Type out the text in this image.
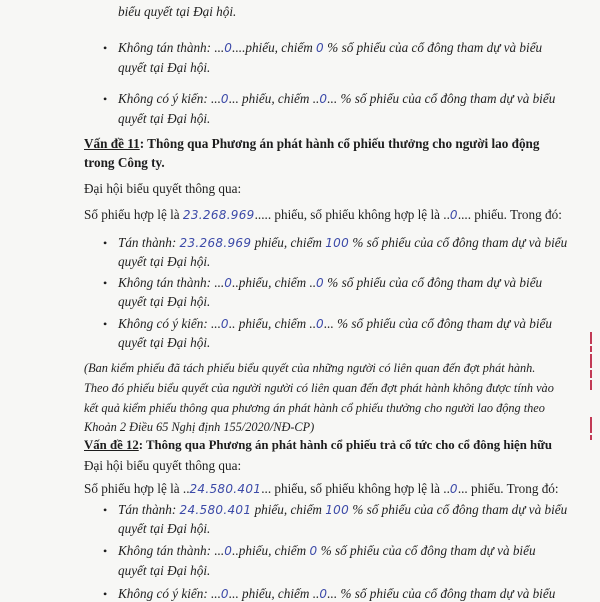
biểu quyết tại Đại hội.
• Không tán thành: ...0....phiếu, chiếm 0 % số phiếu của cổ đông tham dự và biểu
quyết tại Đại hội.
• Không có ý kiến: ...0... phiếu, chiếm ..0... % số phiếu của cổ đông tham dự và biểu
quyết tại Đại hội.
Vấn đề 11: Thông qua Phương án phát hành cổ phiếu thưởng cho người lao động
trong Công ty.
Đại hội biểu quyết thông qua:
Số phiếu hợp lệ là 23.268.969..... phiếu, số phiếu không hợp lệ là ..0.... phiếu. Trong đó:
• Tán thành: 23.268.969 phiếu, chiếm 100 % số phiếu của cổ đông tham dự và biểu
quyết tại Đại hội.
• Không tán thành: ...0..phiếu, chiếm ..0 % số phiếu của cổ đông tham dự và biểu
quyết tại Đại hội.
• Không có ý kiến: ...0.. phiếu, chiếm ..0... % số phiếu của cổ đông tham dự và biểu
quyết tại Đại hội.
(Ban kiểm phiếu đã tách phiếu biểu quyết của những người có liên quan đến đợt phát hành.
Theo đó phiếu biểu quyết của người người có liên quan đến đợt phát hành không được tính vào
kết quả kiểm phiếu thông qua phương án phát hành cổ phiếu thưởng cho người lao động theo
Khoản 2 Điều 65 Nghị định 155/2020/NĐ-CP)
Vấn đề 12: Thông qua Phương án phát hành cổ phiếu trả cổ tức cho cổ đông hiện hữu
Đại hội biểu quyết thông qua:
Số phiếu hợp lệ là ..24.580.401... phiếu, số phiếu không hợp lệ là ..0... phiếu. Trong đó:
• Tán thành: 24.580.401 phiếu, chiếm 100 % số phiếu của cổ đông tham dự và biểu
quyết tại Đại hội.
• Không tán thành: ...0..phiếu, chiếm 0 % số phiếu của cổ đông tham dự và biểu
quyết tại Đại hội.
• Không có ý kiến: ...0... phiếu, chiếm ..0... % số phiếu của cổ đông tham dự và biểu
